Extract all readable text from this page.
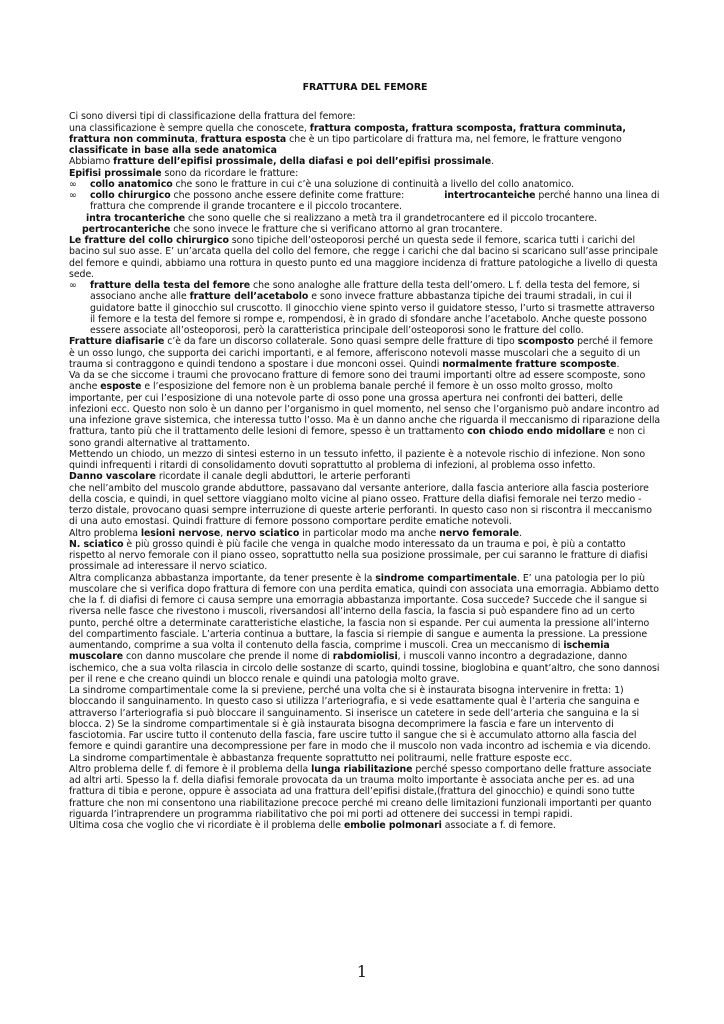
FRATTURA DEL FEMORE

Ci sono diversi tipi di classificazione della frattura del femore:

una classificazione è sempre quella che conoscete, frattura composta, frattura scomposta, frattura comminuta, frattura non comminuta, frattura esposta che è un tipo particolare di frattura ma, nel femore, le fratture vengono classificate in base alla sede anatomica

Abbiamo fratture dell’epifisi prossimale, della diafasi e poi dell’epifisi prossimale.

Epifisi prossimale sono da ricordare le fratture:

∞ collo anatomico che sono le fratture in cui c’è una soluzione di continuità a livello del collo anatomico.

∞ collo chirurgico che possono anche essere definite come fratture:	intertrocanteiche perché hanno una linea di frattura che comprende il grande trocantere e il piccolo trocantere.

intra trocanteriche che sono quelle che si realizzano a metà tra il grandetrocantere ed il piccolo trocantere.

pertrocanteriche che sono invece le fratture che si verificano attorno al gran trocantere.

Le fratture del collo chirurgico sono tipiche dell’osteoporosi perché un questa sede il femore, scarica tutti i carichi del bacino sul suo asse. E’ un’arcata quella del collo del femore, che regge i carichi che dal bacino si scaricano sull’asse principale del femore e quindi, abbiamo una rottura in questo punto ed una maggiore incidenza di fratture patologiche a livello di questa sede.

∞ fratture della testa del femore che sono analoghe alle fratture della testa dell’omero. L f. della testa del femore, si associano anche alle fratture dell’acetabolo e sono invece fratture abbastanza tipiche dei traumi stradali, in cui il guidatore batte il ginocchio sul cruscotto. Il ginocchio viene spinto verso il guidatore stesso, l’urto si trasmette attraverso il femore e la testa del femore si rompe e, rompendosi, è in grado di sfondare anche l’acetabolo. Anche queste possono essere associate all’osteoporosi, però la caratteristica principale dell’osteoporosi sono le fratture del collo.

Fratture diafisarie c’è da fare un discorso collaterale. Sono quasi sempre delle fratture di tipo scomposto perché il femore è un osso lungo, che supporta dei carichi importanti, e al femore, afferiscono notevoli masse muscolari che a seguito di un trauma si contraggono e quindi tendono a spostare i due monconi ossei. Quindi normalmente fratture scomposte.

Va da se che siccome i traumi che provocano fratture di femore sono dei traumi importanti oltre ad essere scomposte, sono anche esposte e l’esposizione del femore non è un problema banale perché il femore è un osso molto grosso, molto importante, per cui l’esposizione di una notevole parte di osso pone una grossa apertura nei confronti dei batteri, delle infezioni ecc. Questo non solo è un danno per l’organismo in quel momento, nel senso che l’organismo può andare incontro ad una infezione grave sistemica, che interessa tutto l’osso. Ma è un danno anche che riguarda il meccanismo di riparazione della frattura, tanto più che il trattamento delle lesioni di femore, spesso è un trattamento con chiodo endo midollare e non ci sono grandi alternative al trattamento.

Mettendo un chiodo, un mezzo di sintesi esterno in un tessuto infetto, il paziente è a notevole rischio di infezione. Non sono quindi infrequenti i ritardi di consolidamento dovuti soprattutto al problema di infezioni, al problema osso infetto.

Danno vascolare ricordate il canale degli abduttori, le arterie perforanti

che nell’ambito del muscolo grande abduttore, passavano dal versante anteriore, dalla fascia anteriore alla fascia posteriore della coscia, e quindi, in quel settore viaggiano molto vicine al piano osseo. Fratture della diafisi femorale nei terzo medio - terzo distale, provocano quasi sempre interruzione di queste arterie perforanti. In questo caso non si riscontra il meccanismo di una auto emostasi. Quindi fratture di femore possono comportare perdite ematiche notevoli.

Altro problema lesioni nervose, nervo sciatico in particolar modo ma anche nervo femorale.

N. sciatico è più grosso quindi è più facile che venga in qualche modo interessato da un trauma e poi, è più a contatto rispetto al nervo femorale con il piano osseo, soprattutto nella sua posizione prossimale, per cui saranno le fratture di diafisi prossimale ad interessare il nervo sciatico.

Altra complicanza abbastanza importante, da tener presente è la sindrome compartimentale. E’ una patologia per lo più muscolare che si verifica dopo frattura di femore con una perdita ematica, quindi con associata una emorragia. Abbiamo detto che la f. di diafisi di femore ci causa sempre una emorragia abbastanza importante. Cosa succede? Succede che il sangue si riversa nelle fasce che rivestono i muscoli, riversandosi all’interno della fascia, la fascia si può espandere fino ad un certo punto, perché oltre a determinate caratteristiche elastiche, la fascia non si espande. Per cui aumenta la pressione all’interno del compartimento fasciale. L’arteria continua a buttare, la fascia si riempie di sangue e aumenta la pressione. La pressione aumentando, comprime a sua volta il contenuto della fascia, comprime i muscoli. Crea un meccanismo di ischemia muscolare con danno muscolare che prende il nome di rabdomiolisi, i muscoli vanno incontro a degradazione, danno ischemico, che a sua volta rilascia in circolo delle sostanze di scarto, quindi tossine, bioglobina e quant’altro, che sono dannosi per il rene e che creano quindi un blocco renale e quindi una patologia molto grave.

La sindrome compartimentale come la si previene, perché una volta che si è instaurata bisogna intervenire in fretta: 1) bloccando il sanguinamento. In questo caso si utilizza l’arteriografia, e si vede esattamente qual è l’arteria che sanguina e attraverso l’arteriografia si può bloccare il sanguinamento. Si inserisce un catetere in sede dell’arteria che sanguina e la si blocca. 2) Se la sindrome compartimentale si è già instaurata bisogna decomprimere la fascia e fare un intervento di fasciotomia. Far uscire tutto il contenuto della fascia, fare uscire tutto il sangue che si è accumulato attorno alla fascia del femore e quindi garantire una decompressione per fare in modo che il muscolo non vada incontro ad ischemia e via dicendo. La sindrome compartimentale è abbastanza frequente soprattutto nei politraumi, nelle fratture esposte ecc.

Altro problema delle f. di femore è il problema della lunga riabilitazione perché spesso comportano delle fratture associate ad altri arti. Spesso la f. della diafisi femorale provocata da un trauma molto importante è associata anche per es. ad una frattura di tibia e perone, oppure è associata ad una frattura dell’epifisi distale,(frattura del ginocchio) e quindi sono tutte fratture che non mi consentono una riabilitazione precoce perché mi creano delle limitazioni funzionali importanti per quanto riguarda l’intraprendere un programma riabilitativo che poi mi porti ad ottenere dei successi in tempi rapidi.

Ultima cosa che voglio che vi ricordiate è il problema delle embolie polmonari associate a f. di femore.

1
